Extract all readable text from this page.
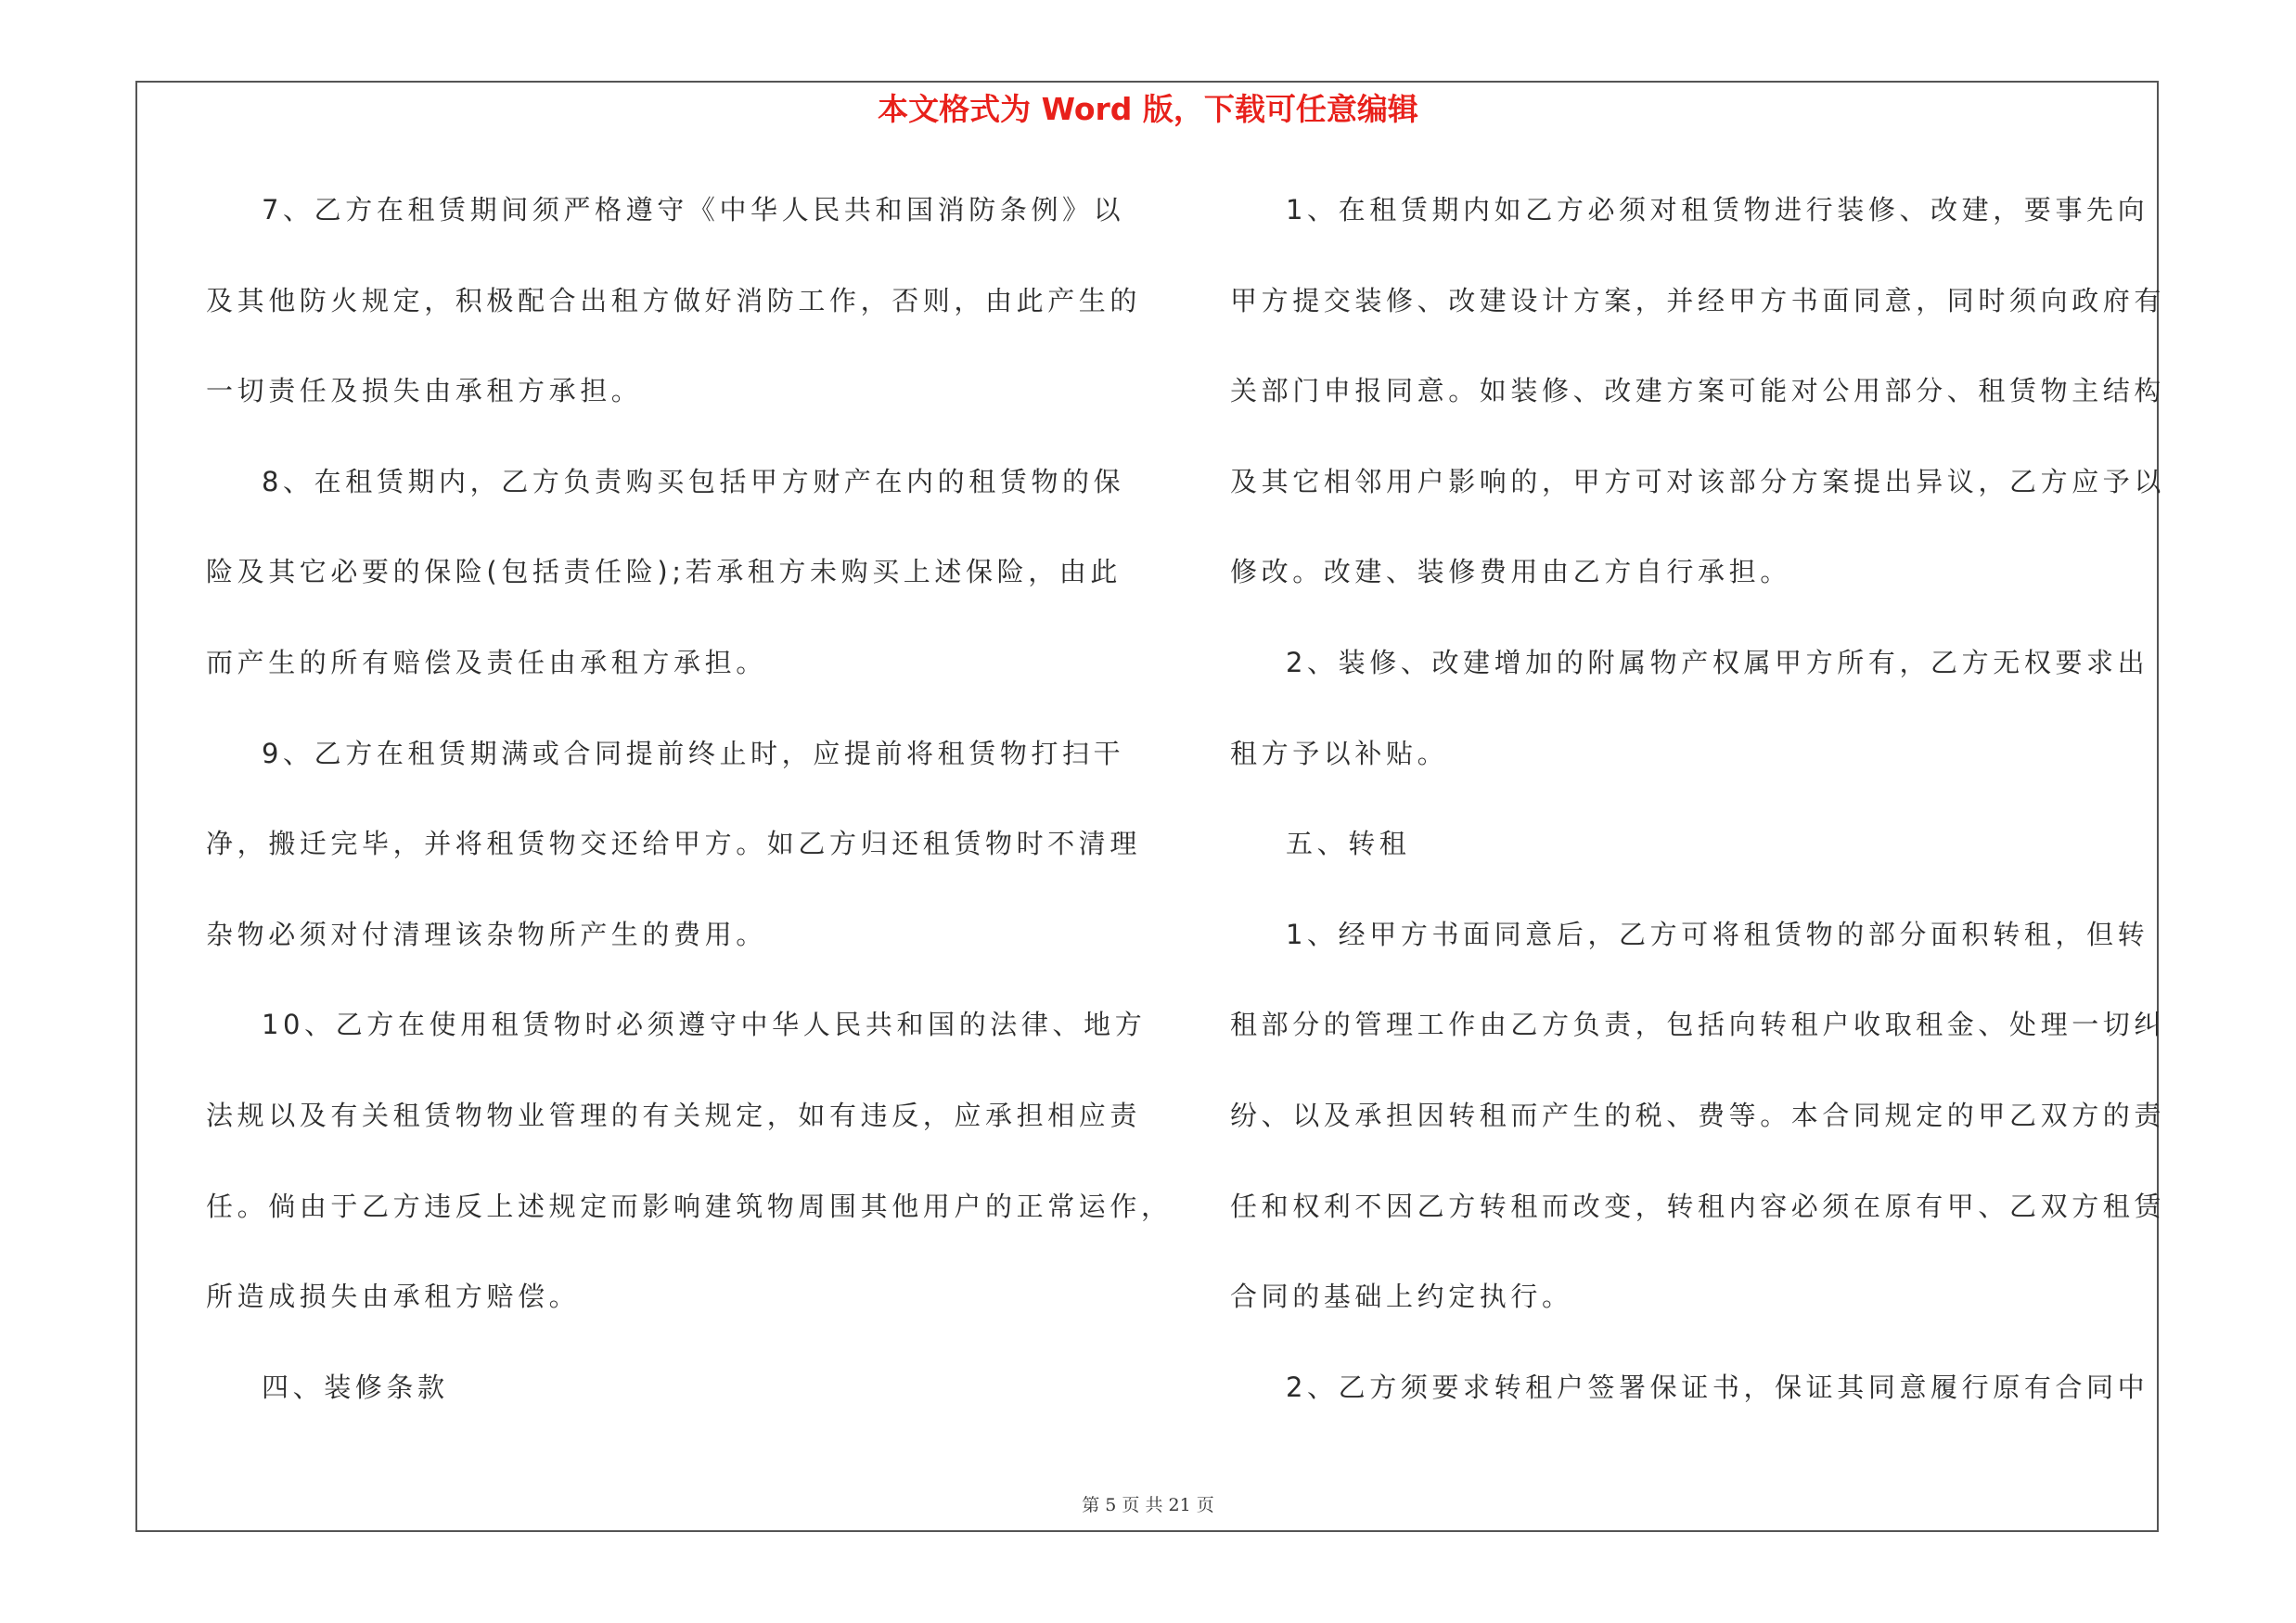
本文格式为 Word 版，下载可任意编辑
7、乙方在租赁期间须严格遵守《中华人民共和国消防条例》以
及其他防火规定，积极配合出租方做好消防工作，否则，由此产生的
一切责任及损失由承租方承担。
8、在租赁期内，乙方负责购买包括甲方财产在内的租赁物的保
险及其它必要的保险(包括责任险);若承租方未购买上述保险，由此
而产生的所有赔偿及责任由承租方承担。
9、乙方在租赁期满或合同提前终止时，应提前将租赁物打扫干
净，搬迁完毕，并将租赁物交还给甲方。如乙方归还租赁物时不清理
杂物必须对付清理该杂物所产生的费用。
10、乙方在使用租赁物时必须遵守中华人民共和国的法律、地方
法规以及有关租赁物物业管理的有关规定，如有违反，应承担相应责
任。倘由于乙方违反上述规定而影响建筑物周围其他用户的正常运作，
所造成损失由承租方赔偿。
四、装修条款
1、在租赁期内如乙方必须对租赁物进行装修、改建，要事先向
甲方提交装修、改建设计方案，并经甲方书面同意，同时须向政府有
关部门申报同意。如装修、改建方案可能对公用部分、租赁物主结构
及其它相邻用户影响的，甲方可对该部分方案提出异议，乙方应予以
修改。改建、装修费用由乙方自行承担。
2、装修、改建增加的附属物产权属甲方所有，乙方无权要求出
租方予以补贴。
五、转租
1、经甲方书面同意后，乙方可将租赁物的部分面积转租，但转
租部分的管理工作由乙方负责，包括向转租户收取租金、处理一切纠
纷、以及承担因转租而产生的税、费等。本合同规定的甲乙双方的责
任和权利不因乙方转租而改变，转租内容必须在原有甲、乙双方租赁
合同的基础上约定执行。
2、乙方须要求转租户签署保证书，保证其同意履行原有合同中
第 5 页 共 21 页
